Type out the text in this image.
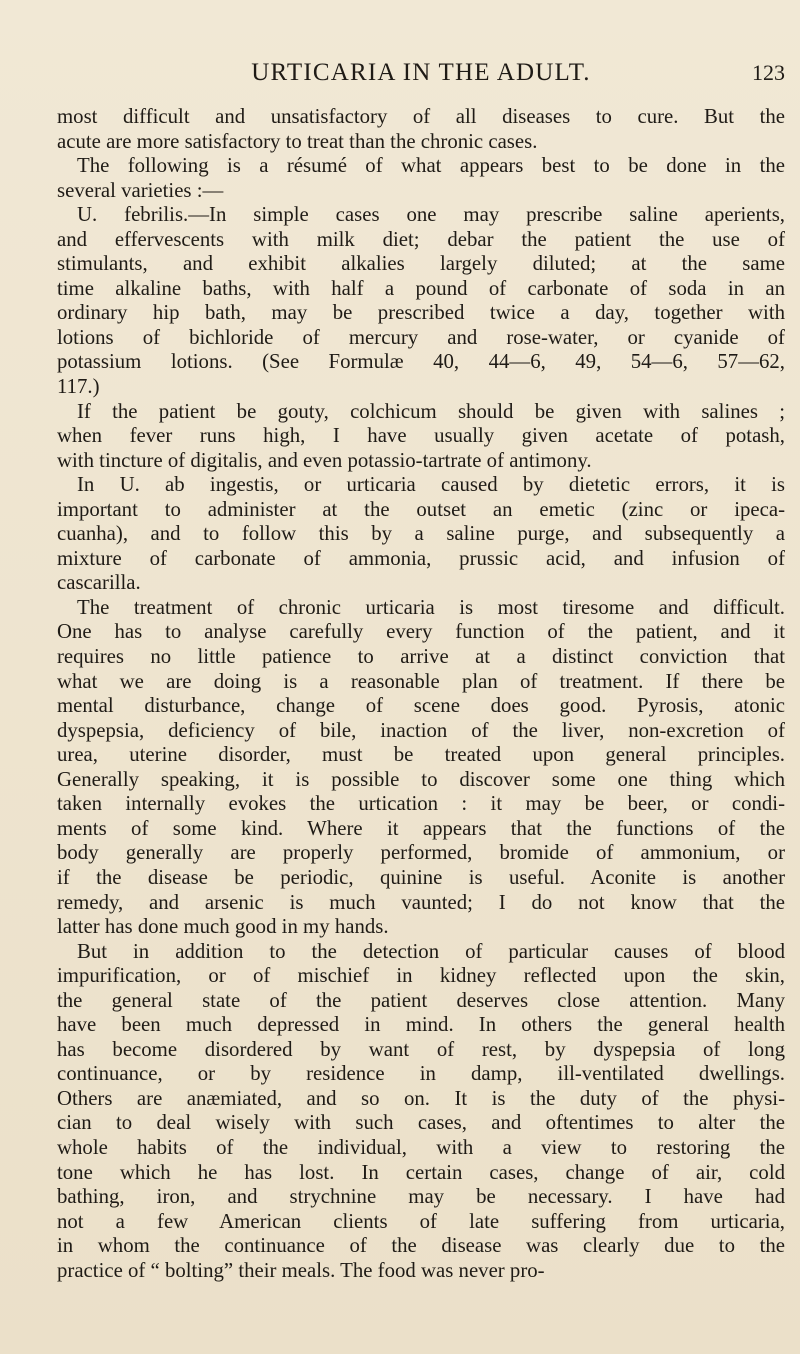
URTICARIA IN THE ADULT.	123
most difficult and unsatisfactory of all diseases to cure. But the
acute are more satisfactory to treat than the chronic cases.
The following is a résumé of what appears best to be done in the
several varieties :—
U. febrilis.—In simple cases one may prescribe saline aperients,
and effervescents with milk diet; debar the patient the use of
stimulants, and exhibit alkalies largely diluted; at the same
time alkaline baths, with half a pound of carbonate of soda in an
ordinary hip bath, may be prescribed twice a day, together with
lotions of bichloride of mercury and rose-water, or cyanide of
potassium lotions. (See Formulæ 40, 44—6, 49, 54—6, 57—62,
117.)
If the patient be gouty, colchicum should be given with salines ;
when fever runs high, I have usually given acetate of potash,
with tincture of digitalis, and even potassio-tartrate of antimony.
In U. ab ingestis, or urticaria caused by dietetic errors, it is
important to administer at the outset an emetic (zinc or ipeca-
cuanha), and to follow this by a saline purge, and subsequently a
mixture of carbonate of ammonia, prussic acid, and infusion of
cascarilla.
The treatment of chronic urticaria is most tiresome and difficult.
One has to analyse carefully every function of the patient, and it
requires no little patience to arrive at a distinct conviction that
what we are doing is a reasonable plan of treatment. If there be
mental disturbance, change of scene does good. Pyrosis, atonic
dyspepsia, deficiency of bile, inaction of the liver, non-excretion of
urea, uterine disorder, must be treated upon general principles.
Generally speaking, it is possible to discover some one thing which
taken internally evokes the urtication : it may be beer, or condi-
ments of some kind. Where it appears that the functions of the
body generally are properly performed, bromide of ammonium, or
if the disease be periodic, quinine is useful. Aconite is another
remedy, and arsenic is much vaunted; I do not know that the
latter has done much good in my hands.
But in addition to the detection of particular causes of blood
impurification, or of mischief in kidney reflected upon the skin,
the general state of the patient deserves close attention. Many
have been much depressed in mind. In others the general health
has become disordered by want of rest, by dyspepsia of long
continuance, or by residence in damp, ill-ventilated dwellings.
Others are anæmiated, and so on. It is the duty of the physi-
cian to deal wisely with such cases, and oftentimes to alter the
whole habits of the individual, with a view to restoring the
tone which he has lost. In certain cases, change of air, cold
bathing, iron, and strychnine may be necessary. I have had
not a few American clients of late suffering from urticaria,
in whom the continuance of the disease was clearly due to the
practice of “ bolting” their meals. The food was never pro-
